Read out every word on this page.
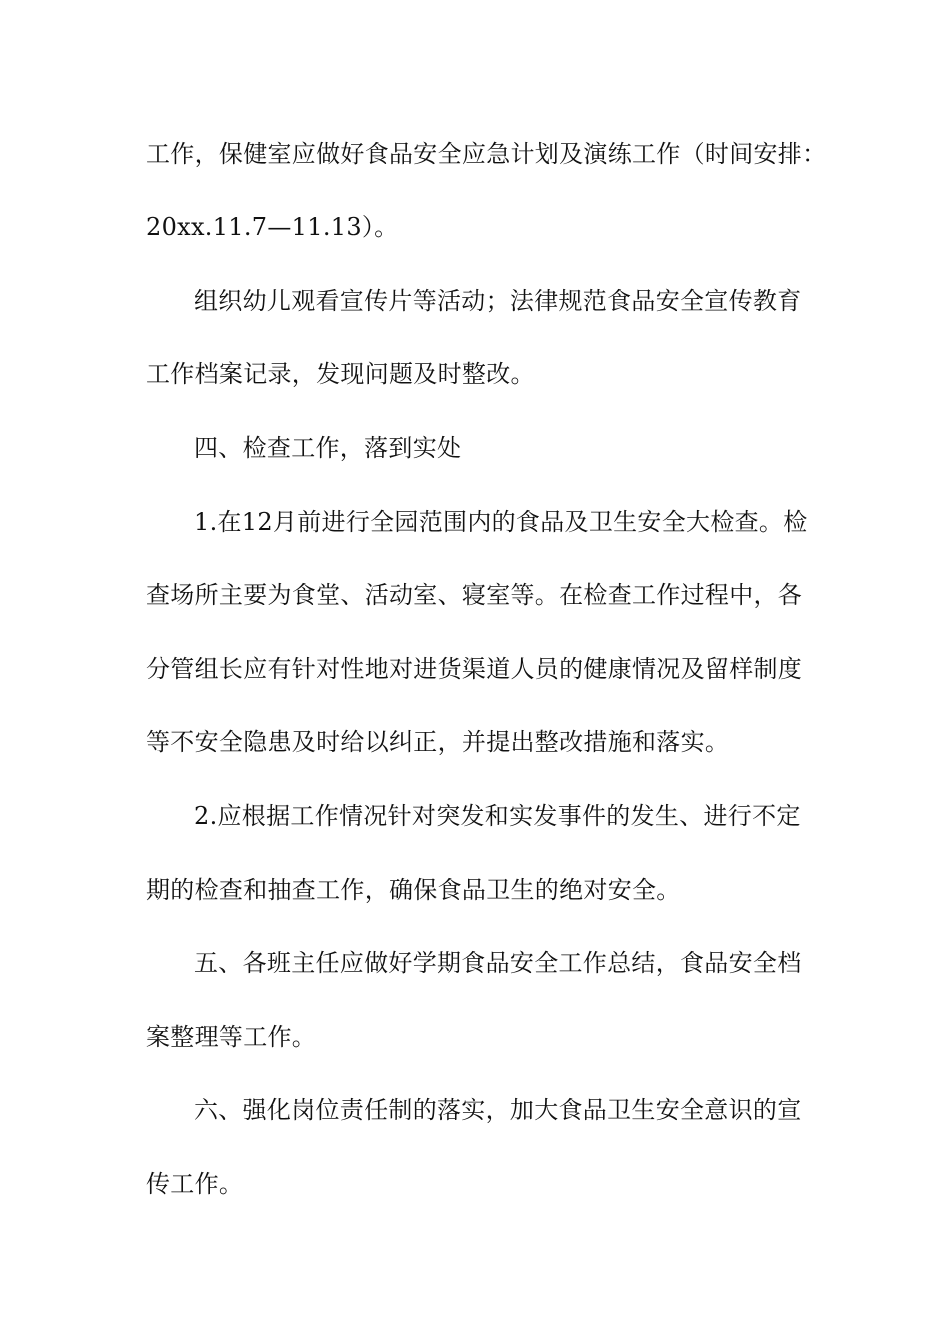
工作，保健室应做好食品安全应急计划及演练工作（时间安排：
20xx.11.7—11.13）。
组织幼儿观看宣传片等活动；法律规范食品安全宣传教育
工作档案记录，发现问题及时整改。
四、检查工作，落到实处
1.在12月前进行全园范围内的食品及卫生安全大检查。检
查场所主要为食堂、活动室、寝室等。在检查工作过程中，各
分管组长应有针对性地对进货渠道人员的健康情况及留样制度
等不安全隐患及时给以纠正，并提出整改措施和落实。
2.应根据工作情况针对突发和实发事件的发生、进行不定
期的检查和抽查工作，确保食品卫生的绝对安全。
五、各班主任应做好学期食品安全工作总结，食品安全档
案整理等工作。
六、强化岗位责任制的落实，加大食品卫生安全意识的宣
传工作。
